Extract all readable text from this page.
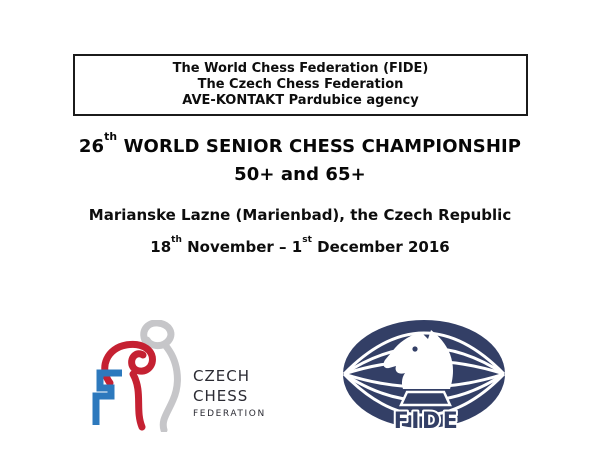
The World Chess Federation (FIDE)
The Czech Chess Federation
AVE-KONTAKT Pardubice agency
26th WORLD SENIOR CHESS CHAMPIONSHIP
50+ and 65+
Marianske Lazne (Marienbad), the Czech Republic
18th November – 1st December 2016
CZECH
CHESS
FEDERATION	FIDE
